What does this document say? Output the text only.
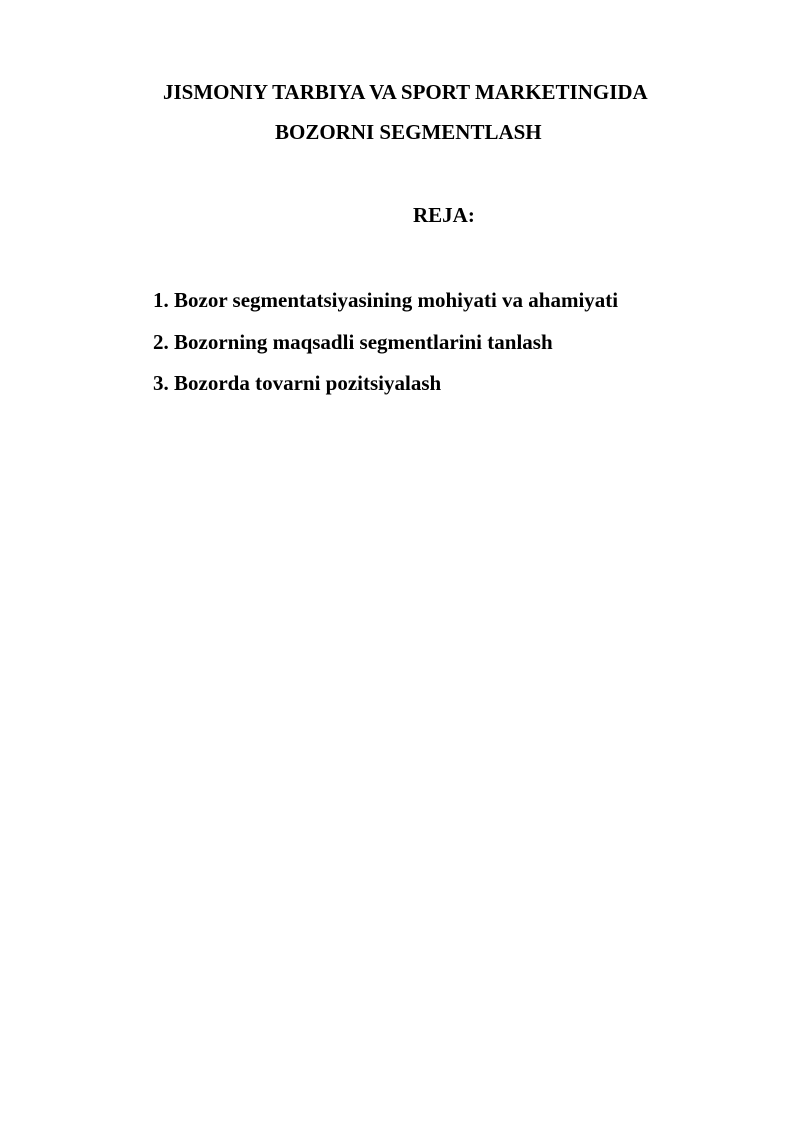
JISMONIY TARBIYA VA SPORT MARKETINGIDA
BOZORNI SEGMENTLASH
REJA:
1. Bozor segmentatsiyasining mohiyati va ahamiyati
2. Bozorning maqsadli segmentlarini tanlash
3. Bozorda tovarni pozitsiyalash
